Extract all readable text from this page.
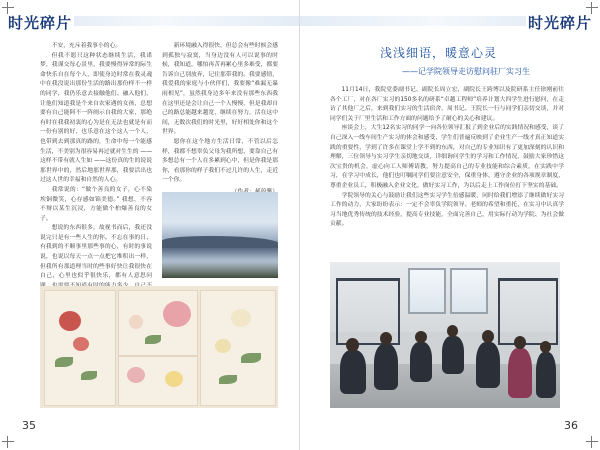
时光碎片

不安，充斥着我事小的心。

但我不愿只这种状态继续生活，我诺梦，我谨交每心景里，我要慢得异常的际生命快乐自在每个人，即使身边时常在我灵魂中在我没说出那份生活的路出那份样不一样的同学，我仍乐意去接触他们、融入他们，让他们知道我是个来自农家遇的女孩，总想要有自己能阿不一阵阐示自我的大家，那绝有时在我我初衷的心为是在无法也就是有而一份有别的好，也乐意在这个这人一个人，也带到去到那真的路的，生命中每一个能感生活，不美别为很容易再过就对生生的 ——这样不带有就人生如 ——这份真的生的说说那世界中的，然后地那世界那，我要活出也过这人世的幸福和自然的人心。

我常说的：“做个善良的女子，心不染埃铜微笑，心存感如锦美德。” 我想，不容不辩以某生沉浸，方能做个柏爆善良的女子。

想说的东西很多，故视书而后，我还没说完只是有一些人生的你。不忘在事的日、有我到的不顺事里那些事的心，有时的事说说，也说以每天一点一点把它堆积出一样，但我所有那道理当时的些事好快让我很快在自己，心里也似乎很快乐，都有人意思问

新环境融入得很快，但总会有些时候会感到孤独与寂寞，当身边没有人可以说事的时候，我知道，哪怕再苦再累心里多难受，都要告诉自己别放弃，记住那带我的。我要感情，我爱我的家庭与小伙伴们，我要像“难漏无暴雨相见”，虽然我身边多年来没有那些东西我在这里还是会让自己一个人慢慢，但是我却自己的路总能越来越宽，继续在努力，活在这中间，无数次我们的时光里，好好相处你和这个世界。

愿你在这个地方生活日常，不管以后怎样，我都不想辜负父母为我所想，要靠自己有多想总有一个人在多累到心中，但是你我是那你，看那你的样子我们不过几许的人生，走近一个你。

35	36
时光碎片
浅浅细语，暖意心灵
——记学院领导走访慰问驻厂实习生

11月14日，我院党委副书记、副院长周立宏、副院长王跨博以及院研系主任徐刚前往各个工厂，对在各厂实习的150多名的研系“卓越工程师”培养计划大四学生进行慰问，在走访了其他厂之后，来到我们实习的生活宿舍，周书记、王院长一行与同学们亲切交谈，并对同学们关于厂里生活和工作方面的问题给予了耐心的关心和建议。

座谈会上，大生12名实习的同学一向各位领导汇报了到企业后的实践情况和感受，谈了自己深入一线车间生产实习的体会和感受，学生们普遍反映到了企业生产一线才真正知道实践的重要性，学到了许多在课堂上学不到的东西，对自己的专业知识有了更加深刻的认识和理解，三位领导与实习学生亲切地交谈，详细询问学生的学习和工作情况，鼓励大家珍惜这次宝贵的机会，虚心向工人师傅请教，努力提高自己的专业技能和综合素质，在实践中学习，在学习中成长，他们也叮嘱同学们要注意安全，保重身体，遵守企业的各项规章制度，尊重企业员工，积极融入企业文化，做好实习工作，为以后走上工作岗位打下坚实的基础。

学院领导的关心与鼓励让我们这些实习学生倍感温暖，同时给我们增添了继续做好实习工作的动力，大家纷纷表示：一定不会辜负学院领导、老师的希望和重托，在实习中认真学习当地优秀传统的技术经验，提高专业技能，全面完善自己，用实际行动为学院、为社会做贡献。
